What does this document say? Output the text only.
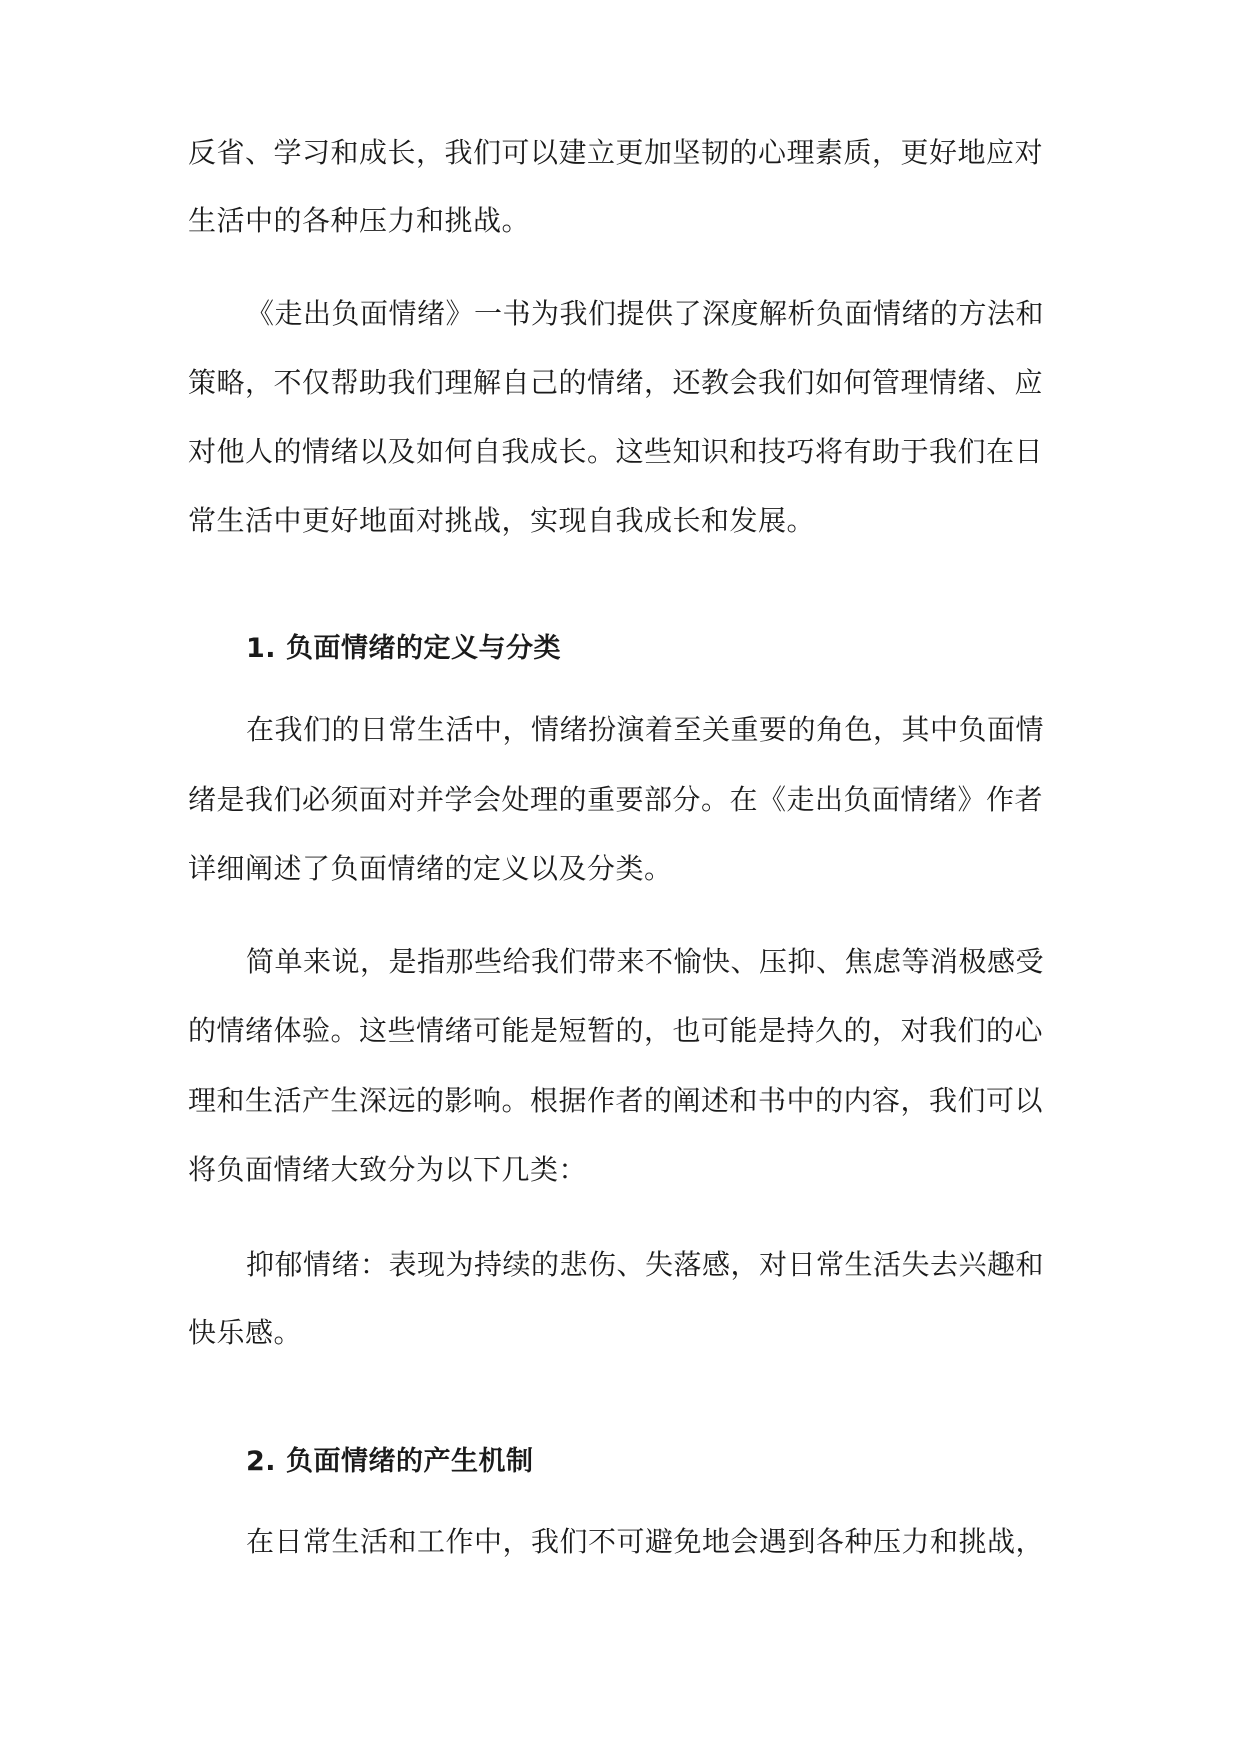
反省、学习和成长，我们可以建立更加坚韧的心理素质，更好地应对
生活中的各种压力和挑战。
《走出负面情绪》一书为我们提供了深度解析负面情绪的方法和
策略，不仅帮助我们理解自己的情绪，还教会我们如何管理情绪、应
对他人的情绪以及如何自我成长。这些知识和技巧将有助于我们在日
常生活中更好地面对挑战，实现自我成长和发展。
1. 负面情绪的定义与分类
在我们的日常生活中，情绪扮演着至关重要的角色，其中负面情
绪是我们必须面对并学会处理的重要部分。在《走出负面情绪》作者
详细阐述了负面情绪的定义以及分类。
简单来说，是指那些给我们带来不愉快、压抑、焦虑等消极感受
的情绪体验。这些情绪可能是短暂的，也可能是持久的，对我们的心
理和生活产生深远的影响。根据作者的阐述和书中的内容，我们可以
将负面情绪大致分为以下几类：
抑郁情绪：表现为持续的悲伤、失落感，对日常生活失去兴趣和
快乐感。
2. 负面情绪的产生机制
在日常生活和工作中，我们不可避免地会遇到各种压力和挑战，
